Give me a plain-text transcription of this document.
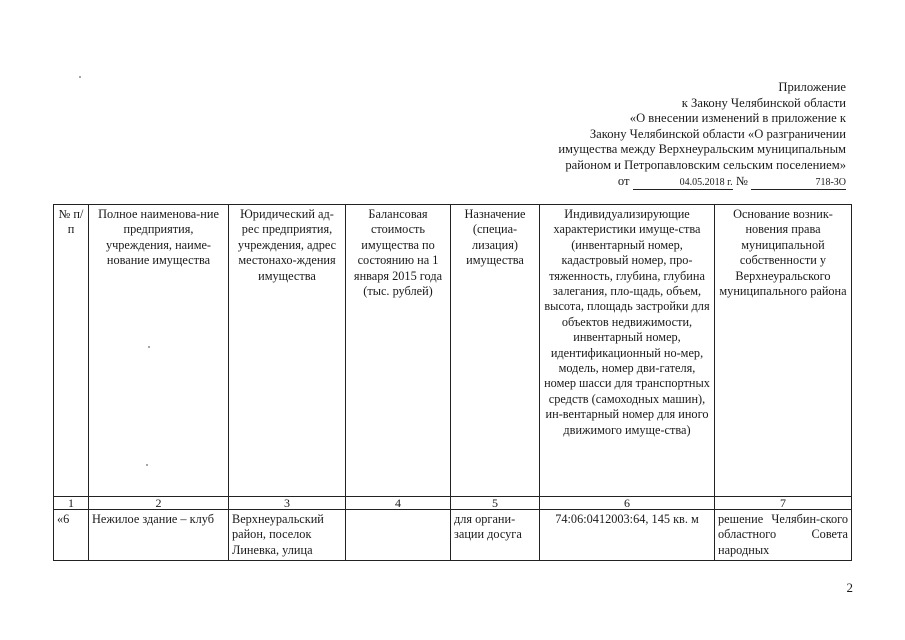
Приложение
к Закону Челябинской области
«О внесении изменений в приложение к
Закону Челябинской области «О разграничении
имущества между Верхнеуральским муниципальным
районом и Петропавловским сельским поселением»
от	04.05.2018 г. №	718-ЗО
№ п/п	Полное наименова-ние предприятия, учреждения, наиме-нование имущества	Юридический ад-рес предприятия, учреждения, адрес местонахо-ждения имущества	Балансовая стоимость имущества по состоянию на 1 января 2015 года (тыс. рублей)	Назначение (специа-лизация) имущества	Индивидуализирующие характеристики имуще-ства (инвентарный номер, кадастровый номер, про-тяженность, глубина, глубина залегания, пло-щадь, объем, высота, площадь застройки для объектов недвижимости, инвентарный номер, идентификационный но-мер, модель, номер дви-гателя, номер шасси для транспортных средств (самоходных машин), ин-вентарный номер для иного движимого имуще-ства)	Основание возник-новения права муниципальной собственности у Верхнеуральского муниципального района
1	2	3	4	5	6	7
«6	Нежилое здание – клуб	Верхнеуральский район, поселок Линевка, улица		для органи-зации досуга	74:06:0412003:64, 145 кв. м	решение Челябин-ского областного Совета народных
2
